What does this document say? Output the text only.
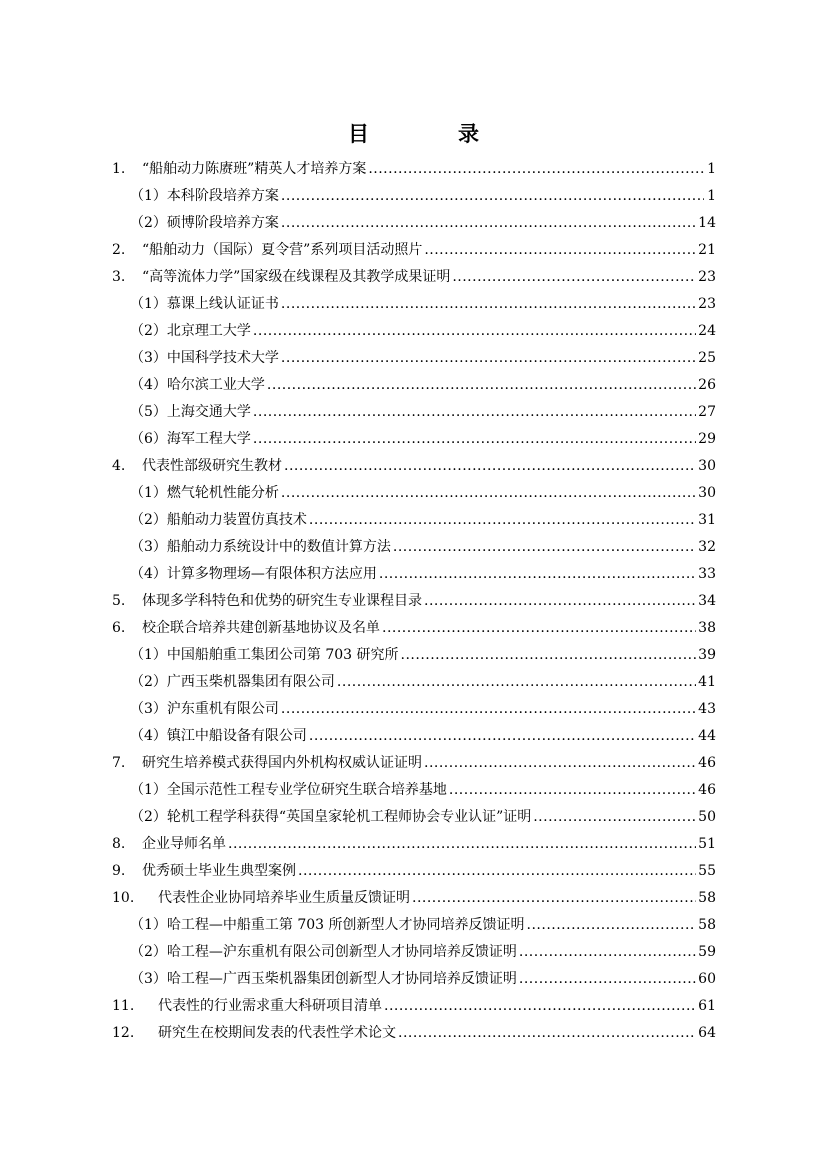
目　录
1.	“船舶动力陈赓班”精英人才培养方案 .....	1
（1）本科阶段培养方案 .....	1
（2）硕博阶段培养方案 .....	14
2.	“船舶动力（国际）夏令营”系列项目活动照片 .....	21
3.	“高等流体力学”国家级在线课程及其教学成果证明 .....	23
（1）慕课上线认证证书 .....	23
（2）北京理工大学 .....	24
（3）中国科学技术大学 .....	25
（4）哈尔滨工业大学 .....	26
（5）上海交通大学 .....	27
（6）海军工程大学 .....	29
4.	代表性部级研究生教材 .....	30
（1）燃气轮机性能分析 .....	30
（2）船舶动力装置仿真技术 .....	31
（3）船舶动力系统设计中的数值计算方法 .....	32
（4）计算多物理场—有限体积方法应用 .....	33
5.	体现多学科特色和优势的研究生专业课程目录 .....	34
6.	校企联合培养共建创新基地协议及名单 .....	38
（1）中国船舶重工集团公司第 703 研究所 .....	39
（2）广西玉柴机器集团有限公司 .....	41
（3）沪东重机有限公司 .....	43
（4）镇江中船设备有限公司 .....	44
7.	研究生培养模式获得国内外机构权威认证证明 .....	46
（1）全国示范性工程专业学位研究生联合培养基地 .....	46
（2）轮机工程学科获得“英国皇家轮机工程师协会专业认证”证明 .....	50
8.	企业导师名单 .....	51
9.	优秀硕士毕业生典型案例 .....	55
10.	代表性企业协同培养毕业生质量反馈证明 .....	58
（1）哈工程—中船重工第 703 所创新型人才协同培养反馈证明 .....	58
（2）哈工程—沪东重机有限公司创新型人才协同培养反馈证明 .....	59
（3）哈工程—广西玉柴机器集团创新型人才协同培养反馈证明 .....	60
11.	代表性的行业需求重大科研项目清单 .....	61
12.	研究生在校期间发表的代表性学术论文 .....	64
